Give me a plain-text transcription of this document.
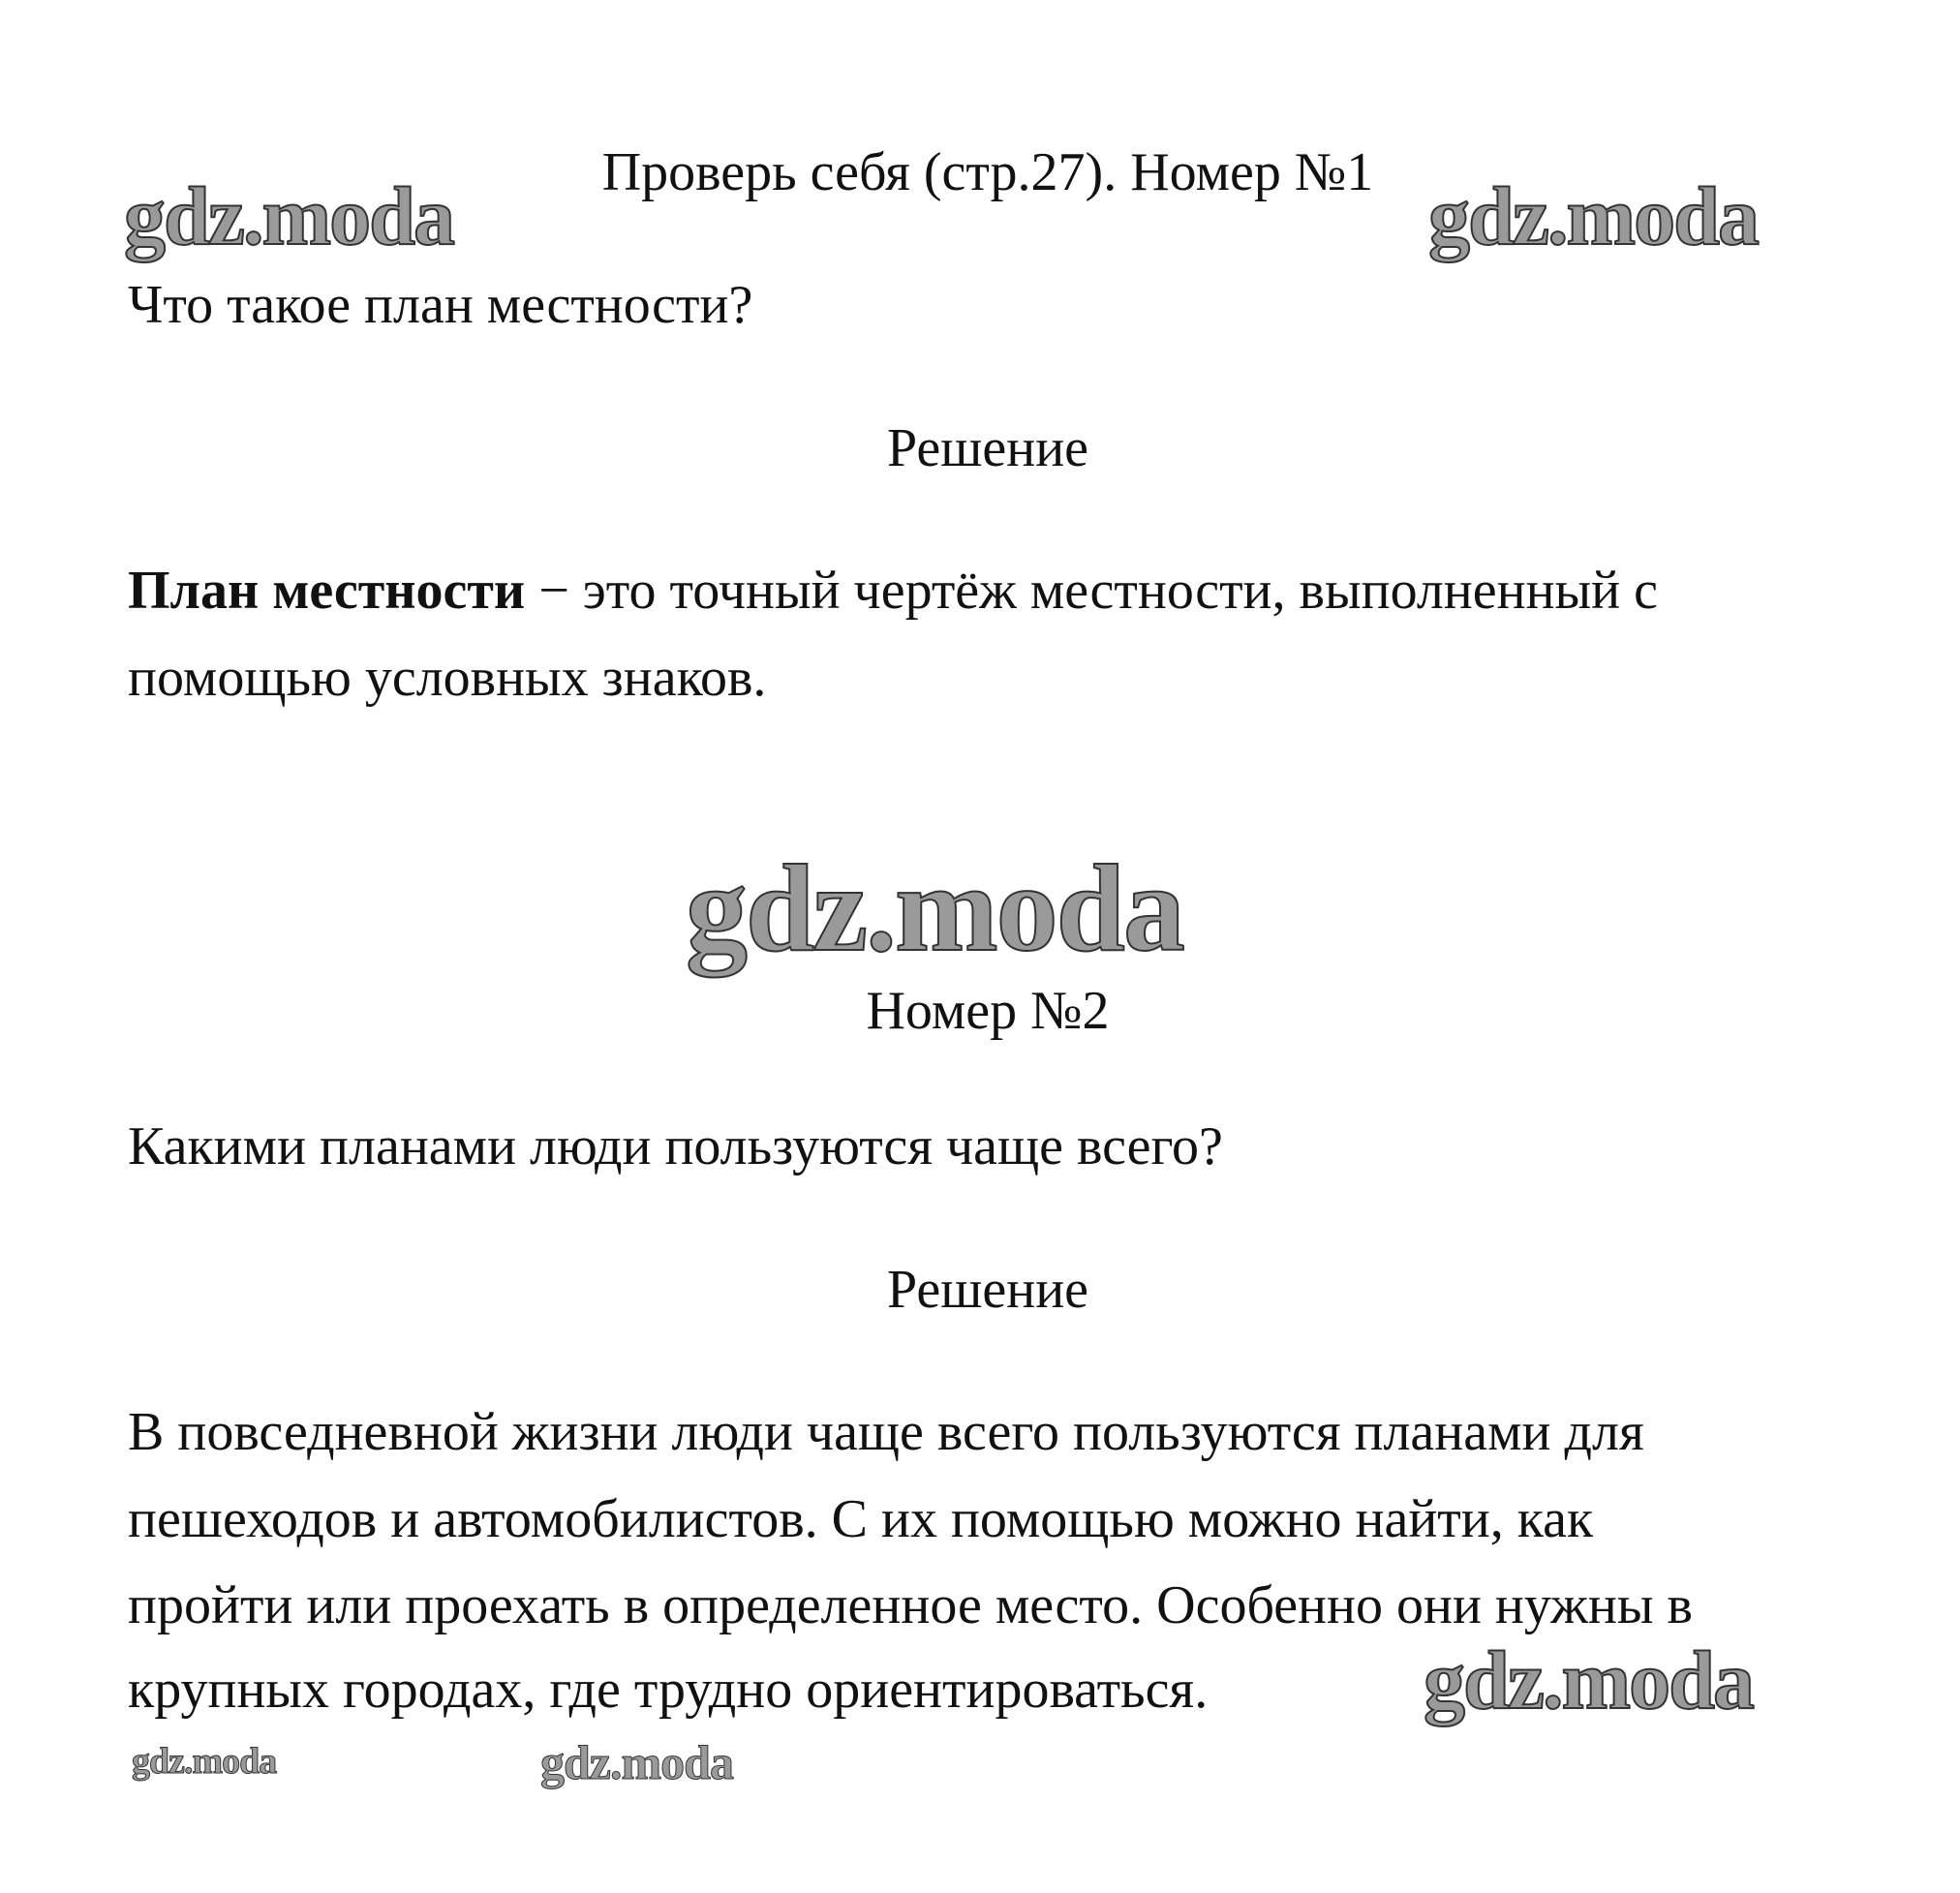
gdz.moda	gdz.moda
gdz.moda
gdz.moda	gdz.moda
gdz.moda
Проверь себя (стр.27). Номер №1
Что такое план местности?
Решение
План местности − это точный чертёж местности, выполненный с
помощью условных знаков.
Номер №2
Какими планами люди пользуются чаще всего?
Решение
В повседневной жизни люди чаще всего пользуются планами для
пешеходов и автомобилистов. С их помощью можно найти, как
пройти или проехать в определенное место. Особенно они нужны в
крупных городах, где трудно ориентироваться.
